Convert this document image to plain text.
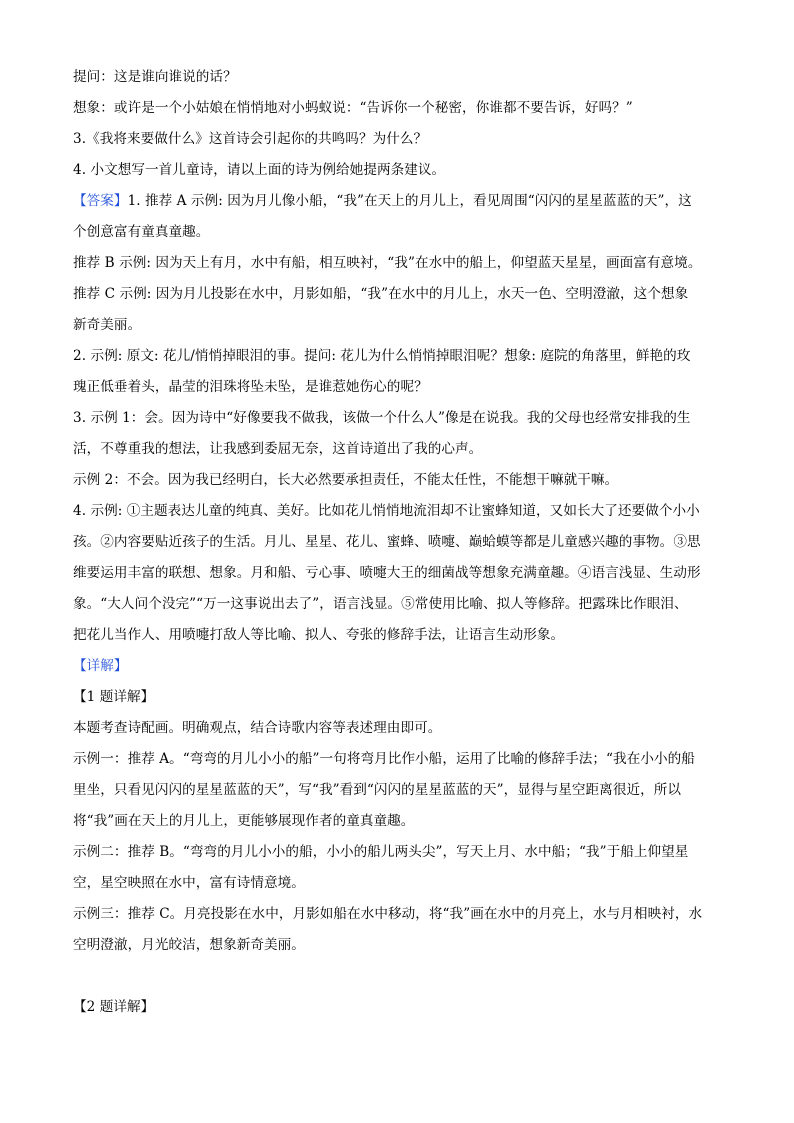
提问：这是谁向谁说的话？
想象：或许是一个小姑娘在悄悄地对小蚂蚁说：“告诉你一个秘密，你谁都不要告诉，好吗？”
3.《我将来要做什么》这首诗会引起你的共鸣吗？为什么？
4. 小文想写一首儿童诗，请以上面的诗为例给她提两条建议。
【答案】1. 推荐 A 示例: 因为月儿像小船，“我”在天上的月儿上，看见周围“闪闪的星星蓝蓝的天”，这
个创意富有童真童趣。
推荐 B 示例: 因为天上有月，水中有船，相互映衬，“我”在水中的船上，仰望蓝天星星，画面富有意境。
推荐 C 示例: 因为月儿投影在水中，月影如船，“我”在水中的月儿上，水天一色、空明澄澈，这个想象
新奇美丽。
2. 示例: 原文: 花儿/悄悄掉眼泪的事。提问: 花儿为什么悄悄掉眼泪呢？想象: 庭院的角落里，鲜艳的玫
瑰正低垂着头，晶莹的泪珠将坠未坠，是谁惹她伤心的呢？
3. 示例 1：会。因为诗中“好像要我不做我，该做一个什么人”像是在说我。我的父母也经常安排我的生
活，不尊重我的想法，让我感到委屈无奈，这首诗道出了我的心声。
示例 2：不会。因为我已经明白，长大必然要承担责任，不能太任性，不能想干嘛就干嘛。
4. 示例: ①主题表达儿童的纯真、美好。比如花儿悄悄地流泪却不让蜜蜂知道，又如长大了还要做个小小
孩。②内容要贴近孩子的生活。月儿、星星、花儿、蜜蜂、喷嚏、巅蛤蟆等都是儿童感兴趣的事物。③思
维要运用丰富的联想、想象。月和船、亏心事、喷嚏大王的细菌战等想象充满童趣。④语言浅显、生动形
象。“大人问个没完”“万一这事说出去了”，语言浅显。⑤常使用比喻、拟人等修辞。把露珠比作眼泪、
把花儿当作人、用喷嚏打敌人等比喻、拟人、夸张的修辞手法，让语言生动形象。
【详解】
【1 题详解】
本题考查诗配画。明确观点，结合诗歌内容等表述理由即可。
示例一：推荐 A。“弯弯的月儿小小的船”一句将弯月比作小船，运用了比喻的修辞手法；“我在小小的船
里坐，只看见闪闪的星星蓝蓝的天”，写“我”看到“闪闪的星星蓝蓝的天”，显得与星空距离很近，所以
将“我”画在天上的月儿上，更能够展现作者的童真童趣。
示例二：推荐 B。“弯弯的月儿小小的船，小小的船儿两头尖”，写天上月、水中船；“我”于船上仰望星
空，星空映照在水中，富有诗情意境。
示例三：推荐 C。月亮投影在水中，月影如船在水中移动，将“我”画在水中的月亮上，水与月相映衬，水
空明澄澈，月光皎洁，想象新奇美丽。
【2 题详解】
